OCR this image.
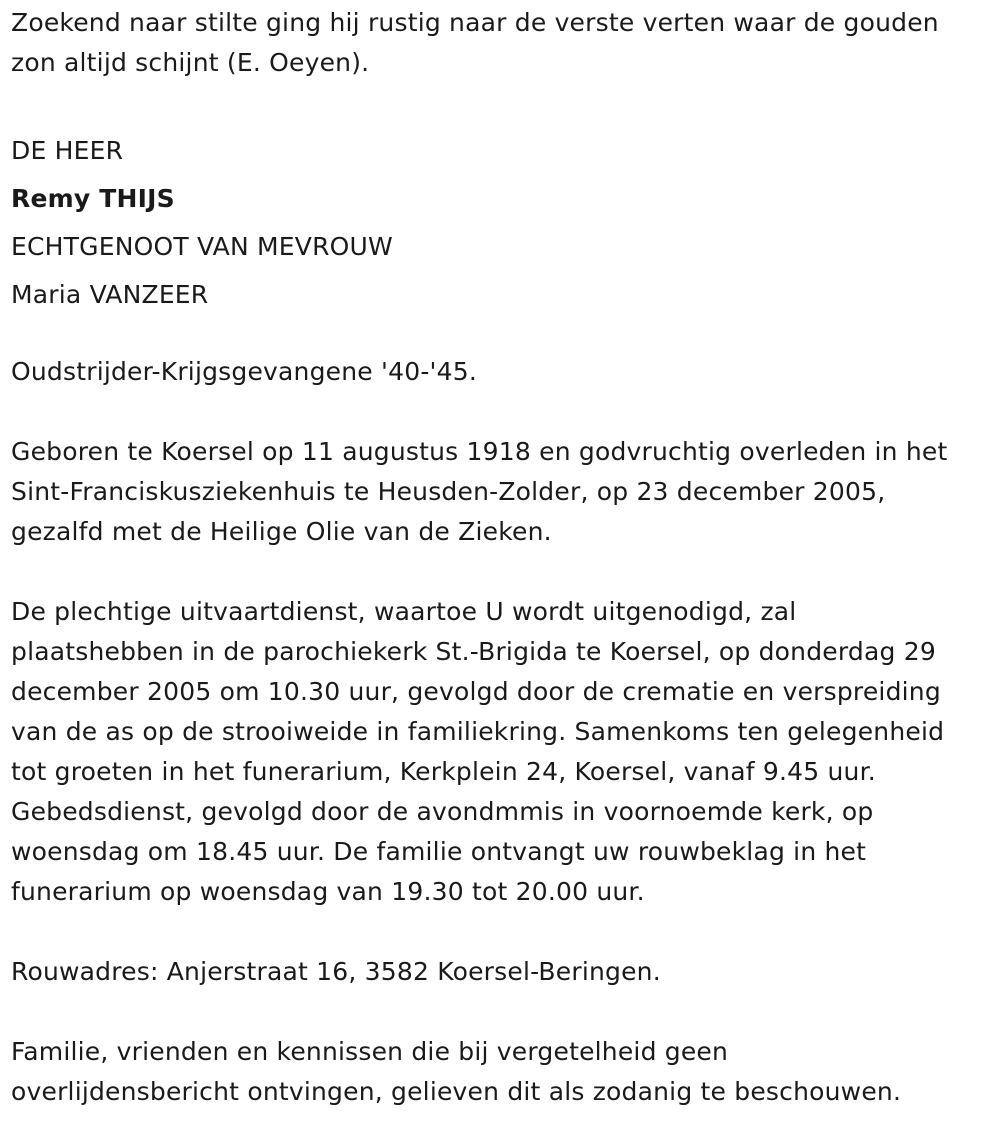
Zoekend naar stilte ging hij rustig naar de verste verten waar de gouden
zon altijd schijnt (E. Oeyen).
DE HEER
Remy THIJS
ECHTGENOOT VAN MEVROUW
Maria VANZEER
Oudstrijder-Krijgsgevangene '40-'45.
Geboren te Koersel op 11 augustus 1918 en godvruchtig overleden in het
Sint-Franciskusziekenhuis te Heusden-Zolder, op 23 december 2005,
gezalfd met de Heilige Olie van de Zieken.
De plechtige uitvaartdienst, waartoe U wordt uitgenodigd, zal
plaatshebben in de parochiekerk St.-Brigida te Koersel, op donderdag 29
december 2005 om 10.30 uur, gevolgd door de crematie en verspreiding
van de as op de strooiweide in familiekring. Samenkoms ten gelegenheid
tot groeten in het funerarium, Kerkplein 24, Koersel, vanaf 9.45 uur.
Gebedsdienst, gevolgd door de avondmmis in voornoemde kerk, op
woensdag om 18.45 uur. De familie ontvangt uw rouwbeklag in het
funerarium op woensdag van 19.30 tot 20.00 uur.
Rouwadres: Anjerstraat 16, 3582 Koersel-Beringen.
Familie, vrienden en kennissen die bij vergetelheid geen
overlijdensbericht ontvingen, gelieven dit als zodanig te beschouwen.
